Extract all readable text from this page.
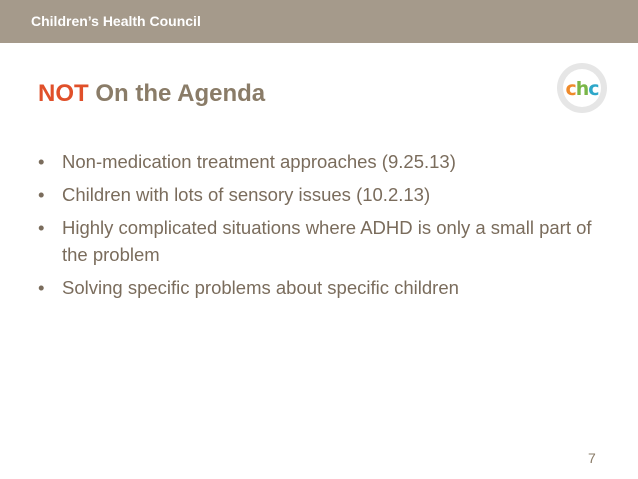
Children’s Health Council
NOT On the Agenda	chc
• Non-medication treatment approaches (9.25.13)
• Children with lots of sensory issues (10.2.13)
• Highly complicated situations where ADHD is only a small part of the problem
• Solving specific problems about specific children
7
